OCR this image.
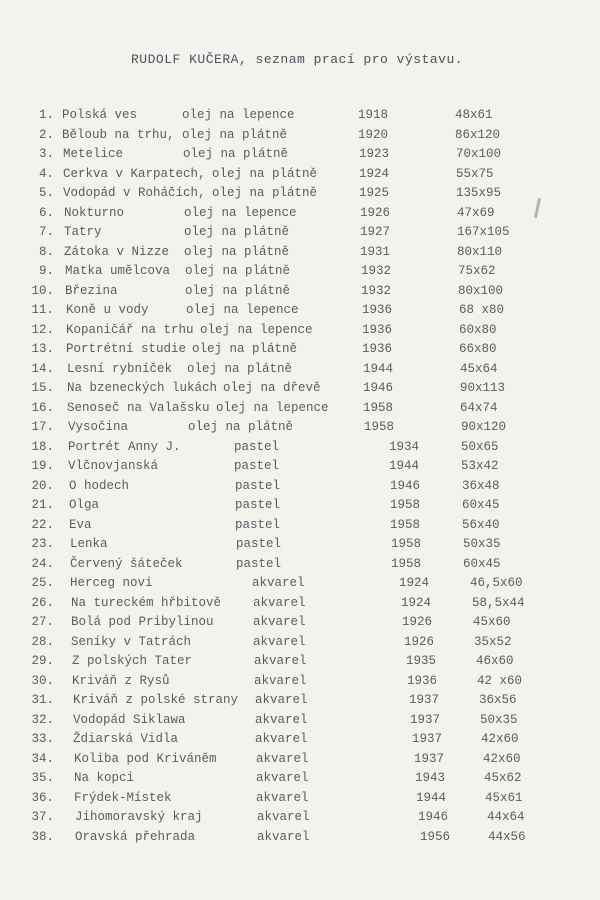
RUDOLF KUČERA, seznam prací pro výstavu.
1. Polská ves	olej na lepence	1918	48x61
2. Běloub na trhu, olej na plátně	1920	86x120
3. Metelice	olej na plátně	1923	70x100
4. Cerkva v Karpatech, olej na plátně	1924	55x75
5. Vodopád v Roháčích, olej na plátně	1925	135x95
6. Nokturno	olej na lepence	1926	47x69
7. Tatry	olej na plátně	1927	167x105
8. Zátoka v Nizze olej na plátně	1931	80x110
9. Matka umělcova olej na plátně	1932	75x62
10. Březina	olej na plátně	1932	80x100
11. Koně u vody	olej na lepence	1936	68 x80
12. Kopaničář na trhu olej na lepence	1936	60x80
13. Portrétní studie olej na plátně	1936	66x80
14. Lesní rybníček olej na plátně	1944	45x64
15. Na bzeneckých lukách olej na dřevě	1946	90x113
16. Senoseč na Valašsku olej na lepence	1958	64x74
17. Vysočina	olej na plátně	1958	90x120
18. Portrét Anny J.	pastel	1934	50x65
19. Vlčnovjanská	pastel	1944	53x42
20. O hodech	pastel	1946	36x48
21. Olga	pastel	1958	60x45
22. Eva	pastel	1958	56x40
23. Lenka	pastel	1958	50x35
24. Červený šáteček	pastel	1958	60x45
25. Herceg novi	akvarel	1924	46,5x60
26. Na tureckém hřbitově	akvarel	1924	58,5x44
27. Bolá pod Pribylinou	akvarel	1926	45x60
28. Seníky v Tatrách	akvarel	1926	35x52
29. Z polských Tater	akvarel	1935	46x60
30. Kriváň z Rysů	akvarel	1936	42 x60
31. Kriváň z polské strany akvarel	1937	36x56
32. Vodopád Siklawa	akvarel	1937	50x35
33. Ždiarská Vidla	akvarel	1937	42x60
34. Koliba pod Kriváněm	akvarel	1937	42x60
35. Na kopci	akvarel	1943	45x62
36. Frýdek-Místek	akvarel	1944	45x61
37. Jihomoravský kraj	akvarel	1946	44x64
38. Oravská přehrada	akvarel	1956	44x56
